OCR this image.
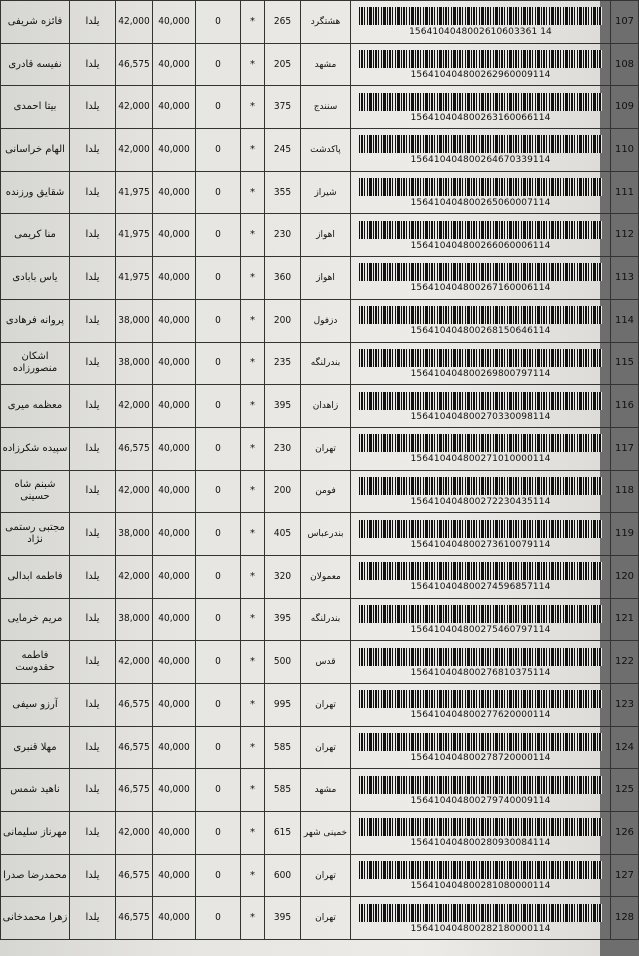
فائزه شریفی	یلدا	42,000	40,000	0	*	265	هشتگرد	1564104048002610603361 14	107
نفیسه قادری	یلدا	46,575	40,000	0	*	205	مشهد	156410404800262960009114	108
بیتا احمدی	یلدا	42,000	40,000	0	*	375	سنندج	156410404800263160066114	109
الهام خراسانی	یلدا	42,000	40,000	0	*	245	پاکدشت	156410404800264670339114	110
شقایق ورزنده	یلدا	41,975	40,000	0	*	355	شیراز	156410404800265060007114	111
منا کریمی	یلدا	41,975	40,000	0	*	230	اهواز	156410404800266060006114	112
یاس بابادی	یلدا	41,975	40,000	0	*	360	اهواز	156410404800267160006114	113
پروانه فرهادی	یلدا	38,000	40,000	0	*	200	دزفول	156410404800268150646114	114
اشکان منصورزاده	یلدا	38,000	40,000	0	*	235	بندرلنگه	156410404800269800797114	115
معظمه میری	یلدا	42,000	40,000	0	*	395	زاهدان	156410404800270330098114	116
سپیده شکرزاده	یلدا	46,575	40,000	0	*	230	تهران	156410404800271010000114	117
شبنم شاه حسینی	یلدا	42,000	40,000	0	*	200	فومن	156410404800272230435114	118
مجتبی رستمی نژاد	یلدا	38,000	40,000	0	*	405	بندرعباس	156410404800273610079114	119
فاطمه ابدالی	یلدا	42,000	40,000	0	*	320	معمولان	156410404800274596857114	120
مریم خرمایی	یلدا	38,000	40,000	0	*	395	بندرلنگه	156410404800275460797114	121
فاطمه حقدوست	یلدا	42,000	40,000	0	*	500	قدس	156410404800276810375114	122
آرزو سیفی	یلدا	46,575	40,000	0	*	995	تهران	156410404800277620000114	123
مهلا قنبری	یلدا	46,575	40,000	0	*	585	تهران	156410404800278720000114	124
ناهید شمس	یلدا	46,575	40,000	0	*	585	مشهد	156410404800279740009114	125
مهرناز سلیمانی	یلدا	42,000	40,000	0	*	615	خمینی شهر	156410404800280930084114	126
محمدرضا صدرا	یلدا	46,575	40,000	0	*	600	تهران	156410404800281080000114	127
زهرا محمدخانی	یلدا	46,575	40,000	0	*	395	تهران	156410404800282180000114	128
